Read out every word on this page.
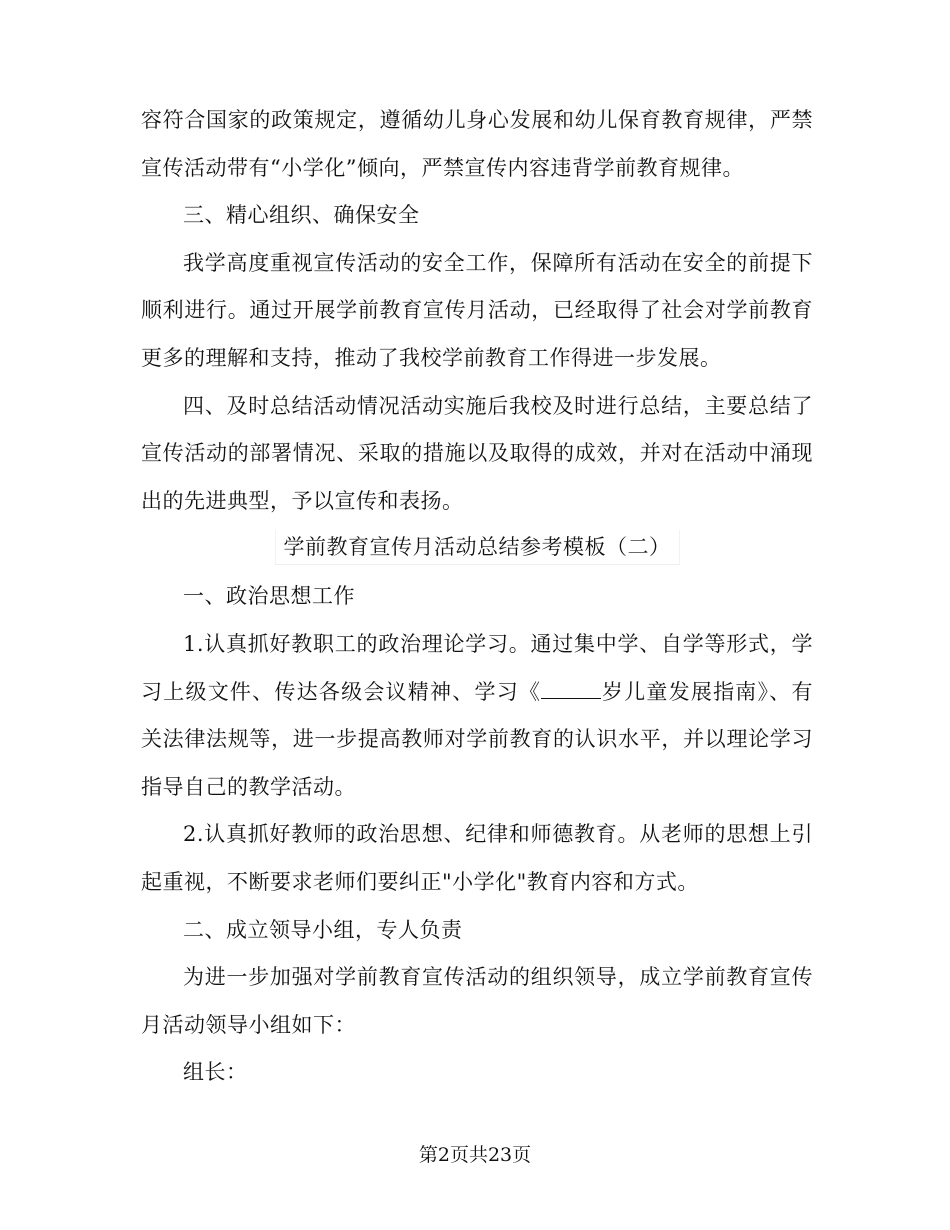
容符合国家的政策规定，遵循幼儿身心发展和幼儿保育教育规律，严禁宣传活动带有“小学化”倾向，严禁宣传内容违背学前教育规律。

三、精心组织、确保安全

我学高度重视宣传活动的安全工作，保障所有活动在安全的前提下顺利进行。通过开展学前教育宣传月活动，已经取得了社会对学前教育更多的理解和支持，推动了我校学前教育工作得进一步发展。

四、及时总结活动情况活动实施后我校及时进行总结，主要总结了宣传活动的部署情况、采取的措施以及取得的成效，并对在活动中涌现出的先进典型，予以宣传和表扬。

学前教育宣传月活动总结参考模板（二）

一、政治思想工作

1.认真抓好教职工的政治理论学习。通过集中学、自学等形式，学习上级文件、传达各级会议精神、学习《	岁儿童发展指南》、有关法律法规等，进一步提高教师对学前教育的认识水平，并以理论学习指导自己的教学活动。

2.认真抓好教师的政治思想、纪律和师德教育。从老师的思想上引起重视，不断要求老师们要纠正"小学化"教育内容和方式。

二、成立领导小组，专人负责

为进一步加强对学前教育宣传活动的组织领导，成立学前教育宣传月活动领导小组如下：

组长：

第2页共23页
